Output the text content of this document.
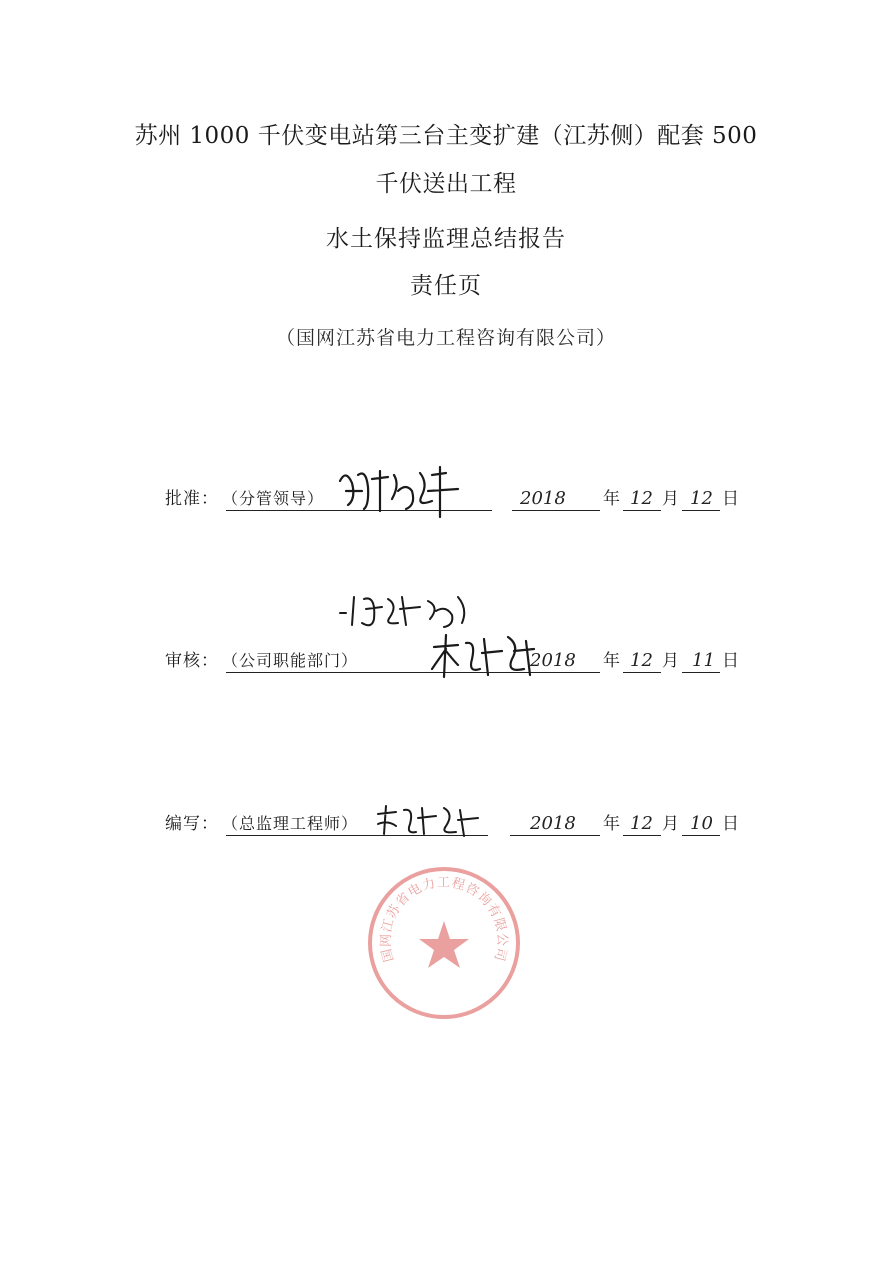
苏州 1000 千伏变电站第三台主变扩建（江苏侧）配套 500
千伏送出工程
水土保持监理总结报告
责任页
（国网江苏省电力工程咨询有限公司）
批准： （分管领导）	2018 年 12 月 12 日
审核： （公司职能部门）	2018 年 12 月 11 日
编写： （总监理工程师）	2018 年 12 月 10 日
国网江苏省电力工程咨询有限公司
